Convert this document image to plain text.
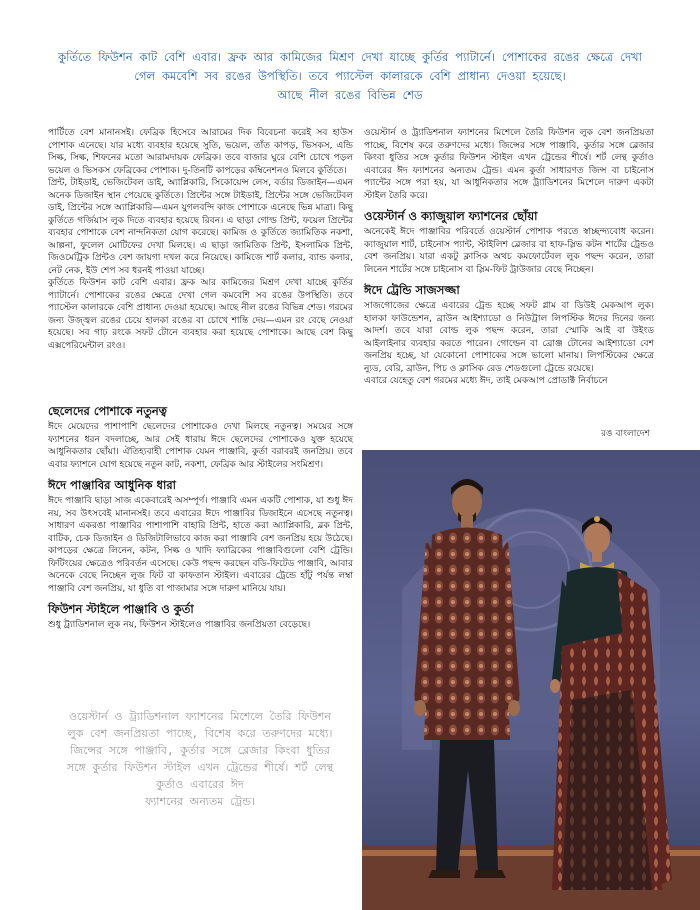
কুর্তিতে ফিউশন কাট বেশি এবার। ফ্রক আর কামিজের মিশ্রণ দেখা যাচ্ছে কুর্তির প্যাটার্নে। পোশাকের রঙের ক্ষেত্রে দেখা
গেল কমবেশি সব রঙের উপস্থিতি। তবে প্যাস্টেল কালারকে বেশি প্রাধান্য দেওয়া হয়েছে।
আছে নীল রঙের বিভিন্ন শেড

পার্টিতে বেশ মানানসই। ফেব্রিক হিসেবে আরামের দিক বিবেচনা করেই সব হাউস পোশাক এনেছে। যার মধ্যে ব্যবহার হয়েছে সুতি, ভয়েল, তাঁত কাপড়, ভিসকস, এন্ডি সিল্ক, সিল্ক, শিফনের মতো আরামদায়ক ফেব্রিক। তবে বাজার ঘুরে বেশি চোখে পড়ল ভয়েল ও ভিসকস ফেব্রিকের পোশাক। দু-তিনটি কাপড়ের কম্বিনেশনও মিলবে কুর্তিতে।

প্রিন্ট, টাইডাই, ভেজিটেবল ডাই, অ্যাপ্লিকারি, সিকোয়েন্স লেস, বর্ডার ডিজাইন—এমন অনেক ডিজাইন স্থান পেয়েছে কুর্তিতে। প্রিন্টের সঙ্গে টাইডাই, প্রিন্টের সঙ্গে ভেজিটেবল ডাই, প্রিন্টের সঙ্গে অ্যাপ্লিকারি—এমন যুগলবন্দি কাজ পোশাকে এনেছে ভিন্ন মাত্রা। কিছু কুর্তিতে গর্জিয়াস লুক দিতে ব্যবহার হয়েছে রিবন। এ ছাড়া গোল্ড প্রিন্ট, ফয়েল প্রিন্টের ব্যবহার পোশাকে বেশ নান্দনিকতা যোগ করেছে। কামিজ ও কুর্তিতে জ্যামিতিক নকশা, আল্পনা, ফুলেল মোটিফের দেখা মিলছে। এ ছাড়া জামিতিক প্রিন্ট, ইসলামিক প্রিন্ট, জিওমেট্রিক প্রিন্টও বেশ জায়গা দখল করে নিয়েছে। কামিজে শার্ট কলার, ব্যান্ড কলার, নেট নেক, ইউ শেপ সব ধরনই পাওয়া যাচ্ছে।

কুর্তিতে ফিউশন কাট বেশি এবার। ফ্রক আর কামিজের মিশ্রণ দেখা যাচ্ছে কুর্তির প্যাটার্নে। পোশাকের রঙের ক্ষেত্রে দেখা গেল কমবেশি সব রঙের উপস্থিতি। তবে প্যাস্টেল কালারকে বেশি প্রাধান্য দেওয়া হয়েছে। আছে নীল রঙের বিভিন্ন শেড। গরমের জন্য উজ্জ্বল রঙের চেয়ে হালকা রঙের বা চোখে শান্তি দেয়—এমন রং বেছে নেওয়া হয়েছে। সব গাঢ় রংকে সফট টোনে ব্যবহার করা হয়েছে পোশাকে। আছে বেশ কিছু এক্সপেরিমেন্টাল রংও।

ওয়েস্টার্ন ও ট্র্যাডিশনাল ফ্যাশনের মিশেলে তৈরি ফিউশন লুক বেশ জনপ্রিয়তা পাচ্ছে, বিশেষ করে তরুণদের মধ্যে। জিন্সের সঙ্গে পাঞ্জাবি, কুর্তার সঙ্গে ব্লেজার কিংবা ধুতির সঙ্গে কুর্তার ফিউশন স্টাইল এখন ট্রেন্ডের শীর্ষে। শর্ট লেন্থ কুর্তাও এবারের ঈদ ফ্যাশনের অন্যতম ট্রেন্ড। এমন কুর্তা সাধারণত জিন্স বা চাইনোস প্যান্টের সঙ্গে পরা হয়, যা আধুনিকতার সঙ্গে ট্র্যাডিশনের মিশেলে দারুণ একটা স্টাইল তৈরি করে।

ওয়েস্টার্ন ও ক্যাজুয়াল ফ্যাশনের ছোঁয়া

অনেকেই ঈদে পাঞ্জাবির পরিবর্তে ওয়েস্টার্ন পোশাক পরতে স্বাচ্ছন্দ্যবোধ করেন। ক্যাজুয়াল শার্ট, চাইনোস প্যান্ট, স্টাইলিশ ব্লেজার বা হাফ-স্লিভ কটন শার্টের ট্রেন্ডও বেশ জনপ্রিয়। যারা একটু ক্লাসিক অথচ কমফোর্টেবল লুক পছন্দ করেন, তারা লিনেন শার্টের সঙ্গে চাইনোস বা স্লিম-ফিট ট্রাউজার বেছে নিচ্ছেন।

ঈদে ট্রেন্ডি সাজসজ্জা

সাজগোজের ক্ষেত্রে এবারের ট্রেন্ড হচ্ছে সফট গ্লাম বা ডিউই মেকআপ লুক। হালকা ফাউন্ডেশন, ব্রাউন আইশ্যাডো ও নিউট্রাল লিপস্টিক ঈদের দিনের জন্য আদর্শ। তবে যারা বোল্ড লুক পছন্দ করেন, তারা স্মোকি আই বা উইংড আইলাইনার ব্যবহার করতে পারেন। গোল্ডেন বা ব্রোঞ্জ টোনের আইশ্যাডো বেশ জনপ্রিয় হচ্ছে, যা যেকোনো পোশাকের সঙ্গে ভালো মানায়। লিপস্টিকের ক্ষেত্রে ন্যুড, বেরি, ব্রাউন, পিচ ও ক্লাসিক রেড শেডগুলো ট্রেন্ডে রয়েছে।

এবারে যেহেতু বেশ গরমের মধ্যে ঈদ, তাই মেকআপ প্রোডাক্ট নির্বাচনে

রঙ বাংলাদেশ
ছেলেদের পোশাকে নতুনত্ব

ঈদে মেয়েদের পাশাপাশি ছেলেদের পোশাকেও দেখা মিলছে নতুনত্ব। সময়ের সঙ্গে ফ্যাশনের ধরন বদলাচ্ছে, আর সেই ধারায় ঈদে ছেলেদের পোশাকেও যুক্ত হয়েছে আধুনিকতার ছোঁয়া। ঐতিহ্যবাহী পোশাক যেমন পাঞ্জাবি, কুর্তা বরাবরই জনপ্রিয়। তবে এবার ফ্যাশনে যোগ হয়েছে নতুন কাট, নকশা, ফেব্রিক আর স্টাইলের সংমিশ্রণ।

ঈদে পাঞ্জাবির আধুনিক ধারা

ঈদে পাঞ্জাবি ছাড়া সাজ একেবারেই অসম্পূর্ণ। পাঞ্জাবি এমন একটি পোশাক, যা শুধু ঈদ নয়, সব উৎসবেই মানানসই। তবে এবারের ঈদে পাঞ্জাবির ডিজাইনে এসেছে নতুনত্ব। সাধারণ একরঙা পাঞ্জাবির পাশাপাশি বাহারি প্রিন্ট, হাতে করা অ্যাপ্লিকারি, ব্লক প্রিন্ট, বাটিক, চেক ডিজাইন ও ডিজিটালিভাবে কাজ করা পাঞ্জাবি বেশ জনপ্রিয় হয়ে উঠেছে। কাপড়ের ক্ষেত্রে লিনেন, কটন, সিল্ক ও খাদি ফ্যাব্রিকের পাঞ্জাবিগুলো বেশি ট্রেন্ডি। ফিটিংয়ের ক্ষেত্রেও পরিবর্তন এসেছে। কেউ পছন্দ করছেন বডি-ফিটেড পাঞ্জাবি, আবার অনেকে বেছে নিচ্ছেন লুজ ফিট বা কাফতান স্টাইল। এবারের ট্রেন্ডে হাঁটু পর্যন্ত লম্বা পাঞ্জাবি বেশ জনপ্রিয়, যা ধুতি বা পাজামার সঙ্গে দারুণ মানিয়ে যায়।

ফিউশন স্টাইলে পাঞ্জাবি ও কুর্তা

শুধু ট্র্যাডিশনাল লুক নয়, ফিউশন স্টাইলেও পাঞ্জাবির জনপ্রিয়তা বেড়েছে।

ওয়েস্টার্ন ও ট্র্যাডিশনাল ফ্যাশনের মিশেলে তৈরি ফিউশন
লুক বেশ জনপ্রিয়তা পাচ্ছে, বিশেষ করে তরুণদের মধ্যে।
জিন্সের সঙ্গে পাঞ্জাবি, কুর্তার সঙ্গে ব্লেজার কিংবা ধুতির
সঙ্গে কুর্তার ফিউশন স্টাইল এখন ট্রেন্ডের শীর্ষে। শর্ট লেন্থ
কুর্তাও এবারের ঈদ
ফ্যাশনের অন্যতম ট্রেন্ড।
